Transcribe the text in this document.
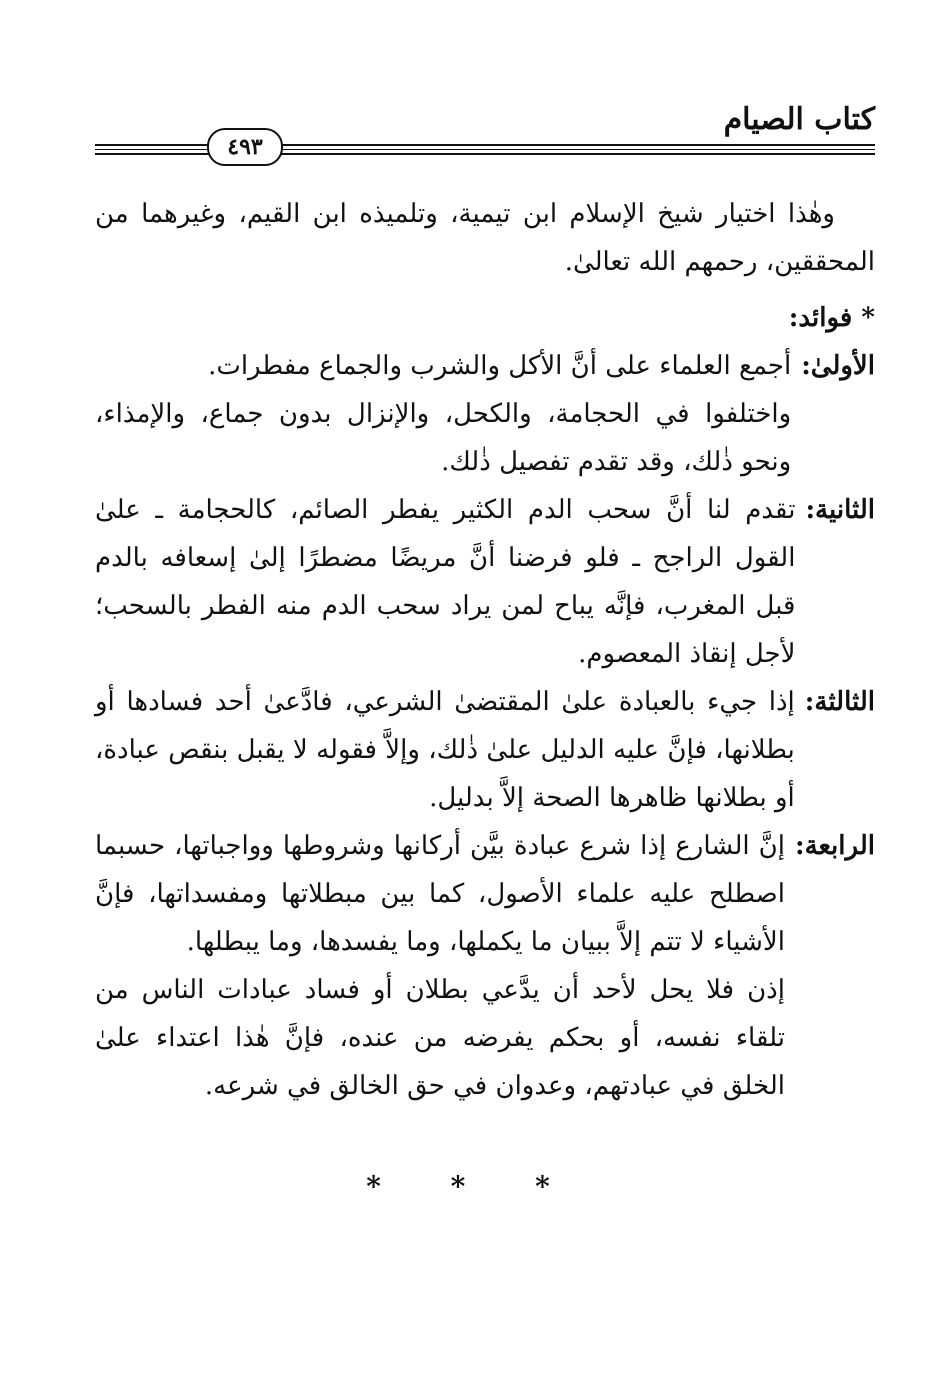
كتاب الصيام
٤٩٣

وهٰذا اختيار شيخ الإسلام ابن تيمية، وتلميذه ابن القيم، وغيرهما من المحققين، رحمهم الله تعالىٰ.

* فوائد:
الأولىٰ:

أجمع العلماء على أنَّ الأكل والشرب والجماع مفطرات.

واختلفوا في الحجامة، والكحل، والإنزال بدون جماع، والإمذاء، ونحو ذٰلك، وقد تقدم تفصيل ذٰلك.

الثانية:

تقدم لنا أنَّ سحب الدم الكثير يفطر الصائم، كالحجامة ـ علىٰ القول الراجح ـ فلو فرضنا أنَّ مريضًا مضطرًا إلىٰ إسعافه بالدم قبل المغرب، فإنَّه يباح لمن يراد سحب الدم منه الفطر بالسحب؛ لأجل إنقاذ المعصوم.

الثالثة:

إذا جيء بالعبادة علىٰ المقتضىٰ الشرعي، فادَّعىٰ أحد فسادها أو بطلانها، فإنَّ عليه الدليل علىٰ ذٰلك، وإلاَّ فقوله لا يقبل بنقص عبادة، أو بطلانها ظاهرها الصحة إلاَّ بدليل.

الرابعة:

إنَّ الشارع إذا شرع عبادة بيَّن أركانها وشروطها وواجباتها، حسبما اصطلح عليه علماء الأصول، كما بين مبطلاتها ومفسداتها، فإنَّ الأشياء لا تتم إلاَّ ببيان ما يكملها، وما يفسدها، وما يبطلها.

إذن فلا يحل لأحد أن يدَّعي بطلان أو فساد عبادات الناس من تلقاء نفسه، أو بحكم يفرضه من عنده، فإنَّ هٰذا اعتداء علىٰ الخلق في عبادتهم، وعدوان في حق الخالق في شرعه.

* * *
